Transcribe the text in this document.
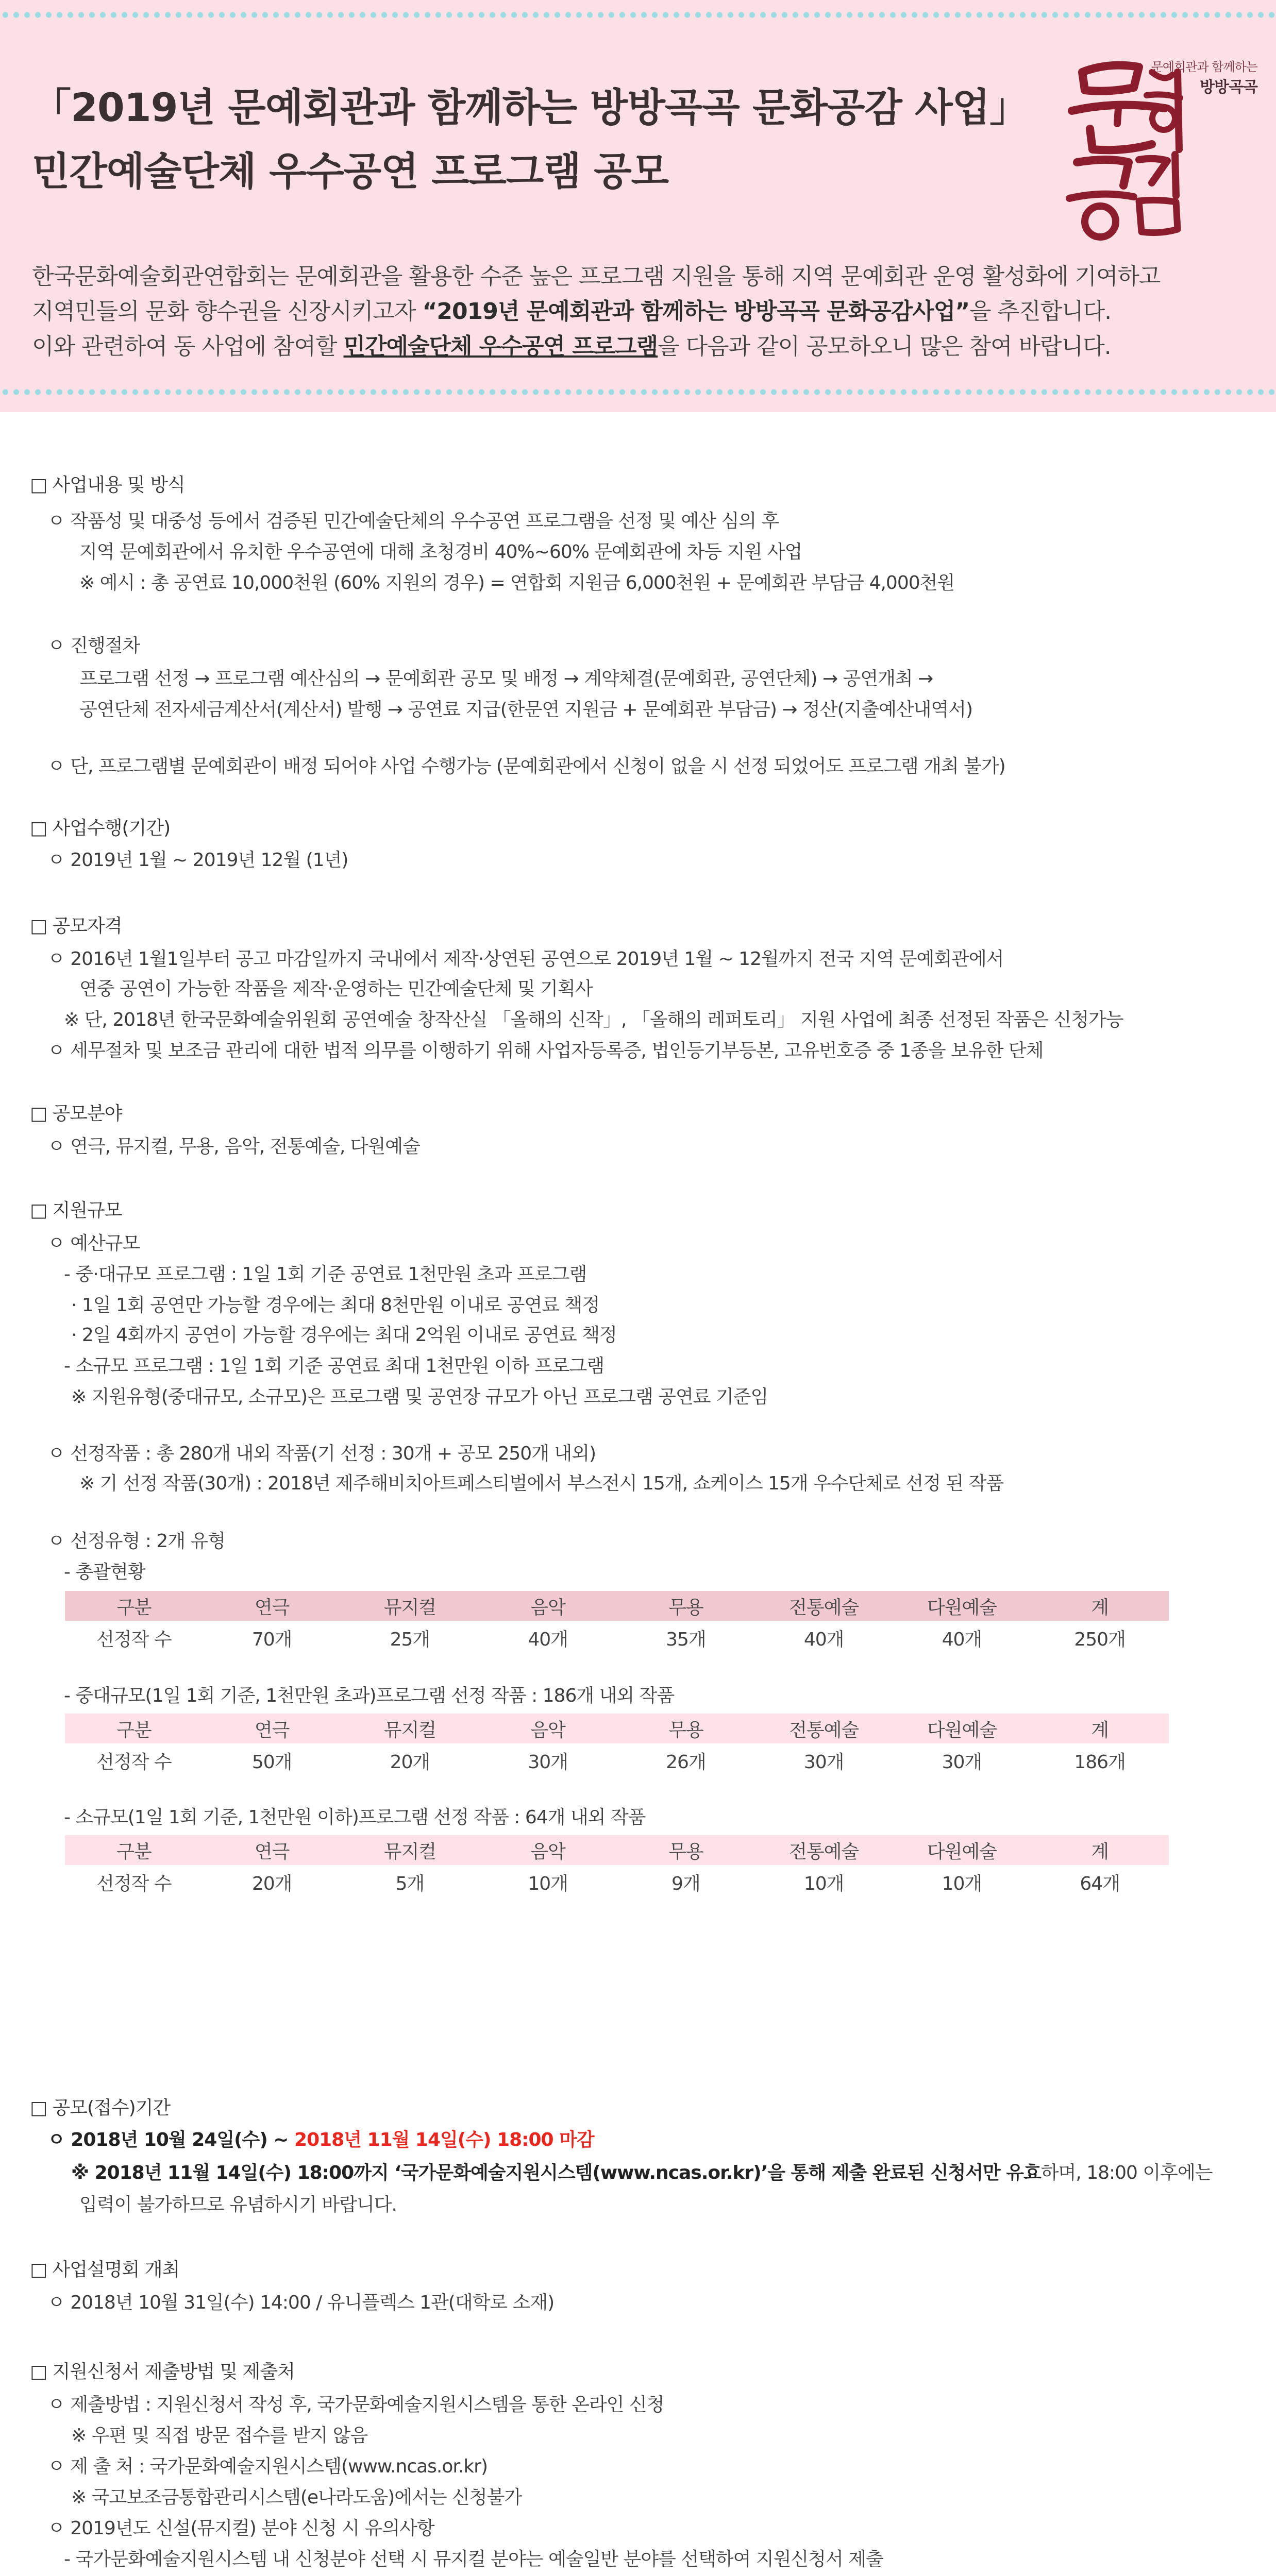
「2019년 문예회관과 함께하는 방방곡곡 문화공감 사업」
민간예술단체 우수공연 프로그램 공모
문예회관과 함께하는
방방곡곡
한국문화예술회관연합회는 문예회관을 활용한 수준 높은 프로그램 지원을 통해 지역 문예회관 운영 활성화에 기여하고
지역민들의 문화 향수권을 신장시키고자 “2019년 문예회관과 함께하는 방방곡곡 문화공감사업”을 추진합니다.
이와 관련하여 동 사업에 참여할 민간예술단체 우수공연 프로그램을 다음과 같이 공모하오니 많은 참여 바랍니다.
□ 사업내용 및 방식
ㅇ 작품성 및 대중성 등에서 검증된 민간예술단체의 우수공연 프로그램을 선정 및 예산 심의 후
지역 문예회관에서 유치한 우수공연에 대해 초청경비 40%~60% 문예회관에 차등 지원 사업
※ 예시 : 총 공연료 10,000천원 (60% 지원의 경우) = 연합회 지원금 6,000천원 + 문예회관 부담금 4,000천원
ㅇ 진행절차
프로그램 선정 → 프로그램 예산심의 → 문예회관 공모 및 배정 → 계약체결(문예회관, 공연단체) → 공연개최 →
공연단체 전자세금계산서(계산서) 발행 → 공연료 지급(한문연 지원금 + 문예회관 부담금) → 정산(지출예산내역서)
ㅇ 단, 프로그램별 문예회관이 배정 되어야 사업 수행가능 (문예회관에서 신청이 없을 시 선정 되었어도 프로그램 개최 불가)
□ 사업수행(기간)
ㅇ 2019년 1월 ~ 2019년 12월 (1년)
□ 공모자격
ㅇ 2016년 1월1일부터 공고 마감일까지 국내에서 제작·상연된 공연으로 2019년 1월 ~ 12월까지 전국 지역 문예회관에서
연중 공연이 가능한 작품을 제작·운영하는 민간예술단체 및 기획사
※ 단, 2018년 한국문화예술위원회 공연예술 창작산실 「올해의 신작」, 「올해의 레퍼토리」 지원 사업에 최종 선정된 작품은 신청가능
ㅇ 세무절차 및 보조금 관리에 대한 법적 의무를 이행하기 위해 사업자등록증, 법인등기부등본, 고유번호증 중 1종을 보유한 단체
□ 공모분야
ㅇ 연극, 뮤지컬, 무용, 음악, 전통예술, 다원예술
□ 지원규모
ㅇ 예산규모
- 중·대규모 프로그램 : 1일 1회 기준 공연료 1천만원 초과 프로그램
· 1일 1회 공연만 가능할 경우에는 최대 8천만원 이내로 공연료 책정
· 2일 4회까지 공연이 가능할 경우에는 최대 2억원 이내로 공연료 책정
- 소규모 프로그램 : 1일 1회 기준 공연료 최대 1천만원 이하 프로그램
※ 지원유형(중대규모, 소규모)은 프로그램 및 공연장 규모가 아닌 프로그램 공연료 기준임
ㅇ 선정작품 : 총 280개 내외 작품(기 선정 : 30개 + 공모 250개 내외)
※ 기 선정 작품(30개) : 2018년 제주해비치아트페스티벌에서 부스전시 15개, 쇼케이스 15개 우수단체로 선정 된 작품
ㅇ 선정유형 : 2개 유형
- 총괄현황
구분	연극	뮤지컬	음악	무용	전통예술	다원예술	계
선정작 수	70개	25개	40개	35개	40개	40개	250개
- 중대규모(1일 1회 기준, 1천만원 초과)프로그램 선정 작품 : 186개 내외 작품
구분	연극	뮤지컬	음악	무용	전통예술	다원예술	계
선정작 수	50개	20개	30개	26개	30개	30개	186개
- 소규모(1일 1회 기준, 1천만원 이하)프로그램 선정 작품 : 64개 내외 작품
구분	연극	뮤지컬	음악	무용	전통예술	다원예술	계
선정작 수	20개	5개	10개	9개	10개	10개	64개
□ 공모(접수)기간
ㅇ 2018년 10월 24일(수) ~ 2018년 11월 14일(수) 18:00 마감
※ 2018년 11월 14일(수) 18:00까지 ‘국가문화예술지원시스템(www.ncas.or.kr)’을 통해 제출 완료된 신청서만 유효하며, 18:00 이후에는
입력이 불가하므로 유념하시기 바랍니다.
□ 사업설명회 개최
ㅇ 2018년 10월 31일(수) 14:00 / 유니플렉스 1관(대학로 소재)
□ 지원신청서 제출방법 및 제출처
ㅇ 제출방법 : 지원신청서 작성 후, 국가문화예술지원시스템을 통한 온라인 신청
※ 우편 및 직접 방문 접수를 받지 않음
ㅇ 제 출 처 : 국가문화예술지원시스템(www.ncas.or.kr)
※ 국고보조금통합관리시스템(e나라도움)에서는 신청불가
ㅇ 2019년도 신설(뮤지컬) 분야 신청 시 유의사항
- 국가문화예술지원시스템 내 신청분야 선택 시 뮤지컬 분야는 예술일반 분야를 선택하여 지원신청서 제출
